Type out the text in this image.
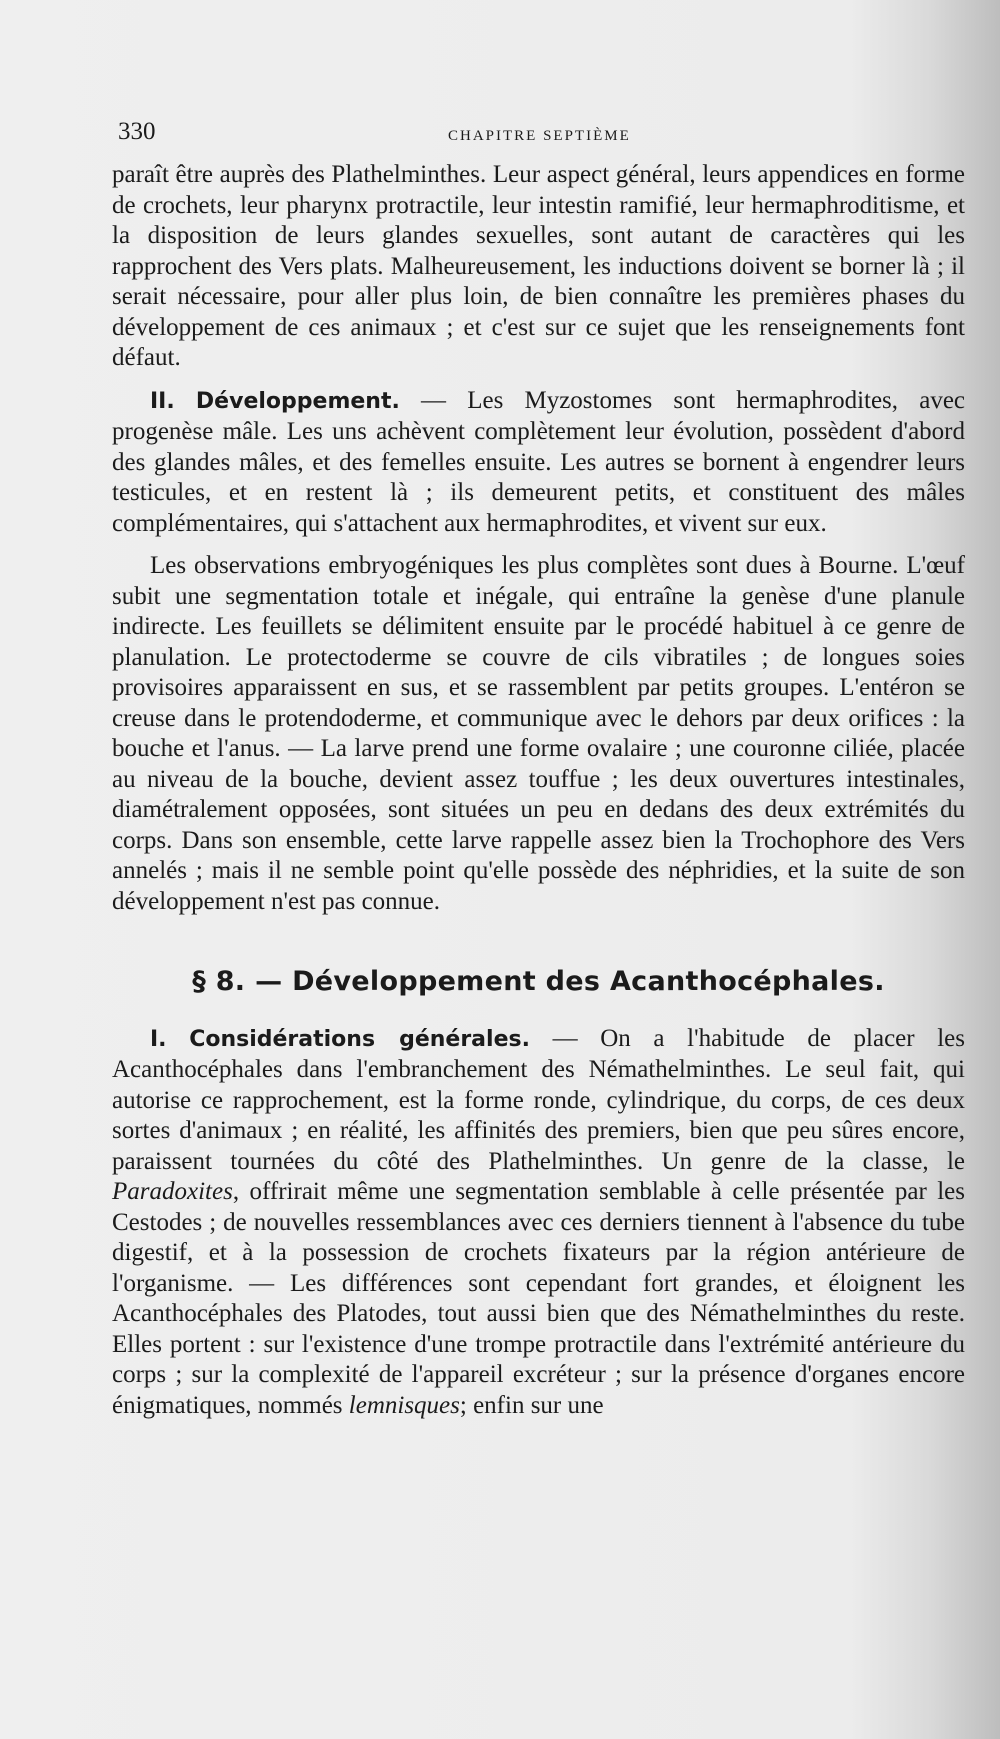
330	CHAPITRE SEPTIÈME

paraît être auprès des Plathelminthes. Leur aspect général, leurs appendices en forme de crochets, leur pharynx protractile, leur intestin ramifié, leur hermaphroditisme, et la disposition de leurs glandes sexuelles, sont autant de caractères qui les rapprochent des Vers plats. Malheureusement, les inductions doivent se borner là ; il serait nécessaire, pour aller plus loin, de bien connaître les premières phases du développement de ces animaux ; et c'est sur ce sujet que les renseignements font défaut.

II. Développement. — Les Myzostomes sont hermaphrodites, avec progenèse mâle. Les uns achèvent complètement leur évolution, possèdent d'abord des glandes mâles, et des femelles ensuite. Les autres se bornent à engendrer leurs testicules, et en restent là ; ils demeurent petits, et constituent des mâles complémentaires, qui s'attachent aux hermaphrodites, et vivent sur eux.

Les observations embryogéniques les plus complètes sont dues à Bourne. L'œuf subit une segmentation totale et inégale, qui entraîne la genèse d'une planule indirecte. Les feuillets se délimitent ensuite par le procédé habituel à ce genre de planulation. Le protectoderme se couvre de cils vibratiles ; de longues soies provisoires apparaissent en sus, et se rassemblent par petits groupes. L'entéron se creuse dans le protendoderme, et communique avec le dehors par deux orifices : la bouche et l'anus. — La larve prend une forme ovalaire ; une couronne ciliée, placée au niveau de la bouche, devient assez touffue ; les deux ouvertures intestinales, diamétralement opposées, sont situées un peu en dedans des deux extrémités du corps. Dans son ensemble, cette larve rappelle assez bien la Trochophore des Vers annelés ; mais il ne semble point qu'elle possède des néphridies, et la suite de son développement n'est pas connue.

§ 8. — Développement des Acanthocéphales.

I. Considérations générales. — On a l'habitude de placer les Acanthocéphales dans l'embranchement des Némathelminthes. Le seul fait, qui autorise ce rapprochement, est la forme ronde, cylindrique, du corps, de ces deux sortes d'animaux ; en réalité, les affinités des premiers, bien que peu sûres encore, paraissent tournées du côté des Plathelminthes. Un genre de la classe, le Paradoxites, offrirait même une segmentation semblable à celle présentée par les Cestodes ; de nouvelles ressemblances avec ces derniers tiennent à l'absence du tube digestif, et à la possession de crochets fixateurs par la région antérieure de l'organisme. — Les différences sont cependant fort grandes, et éloignent les Acanthocéphales des Platodes, tout aussi bien que des Némathelminthes du reste. Elles portent : sur l'existence d'une trompe protractile dans l'extrémité antérieure du corps ; sur la complexité de l'appareil excréteur ; sur la présence d'organes encore énigmatiques, nommés lemnisques; enfin sur une
